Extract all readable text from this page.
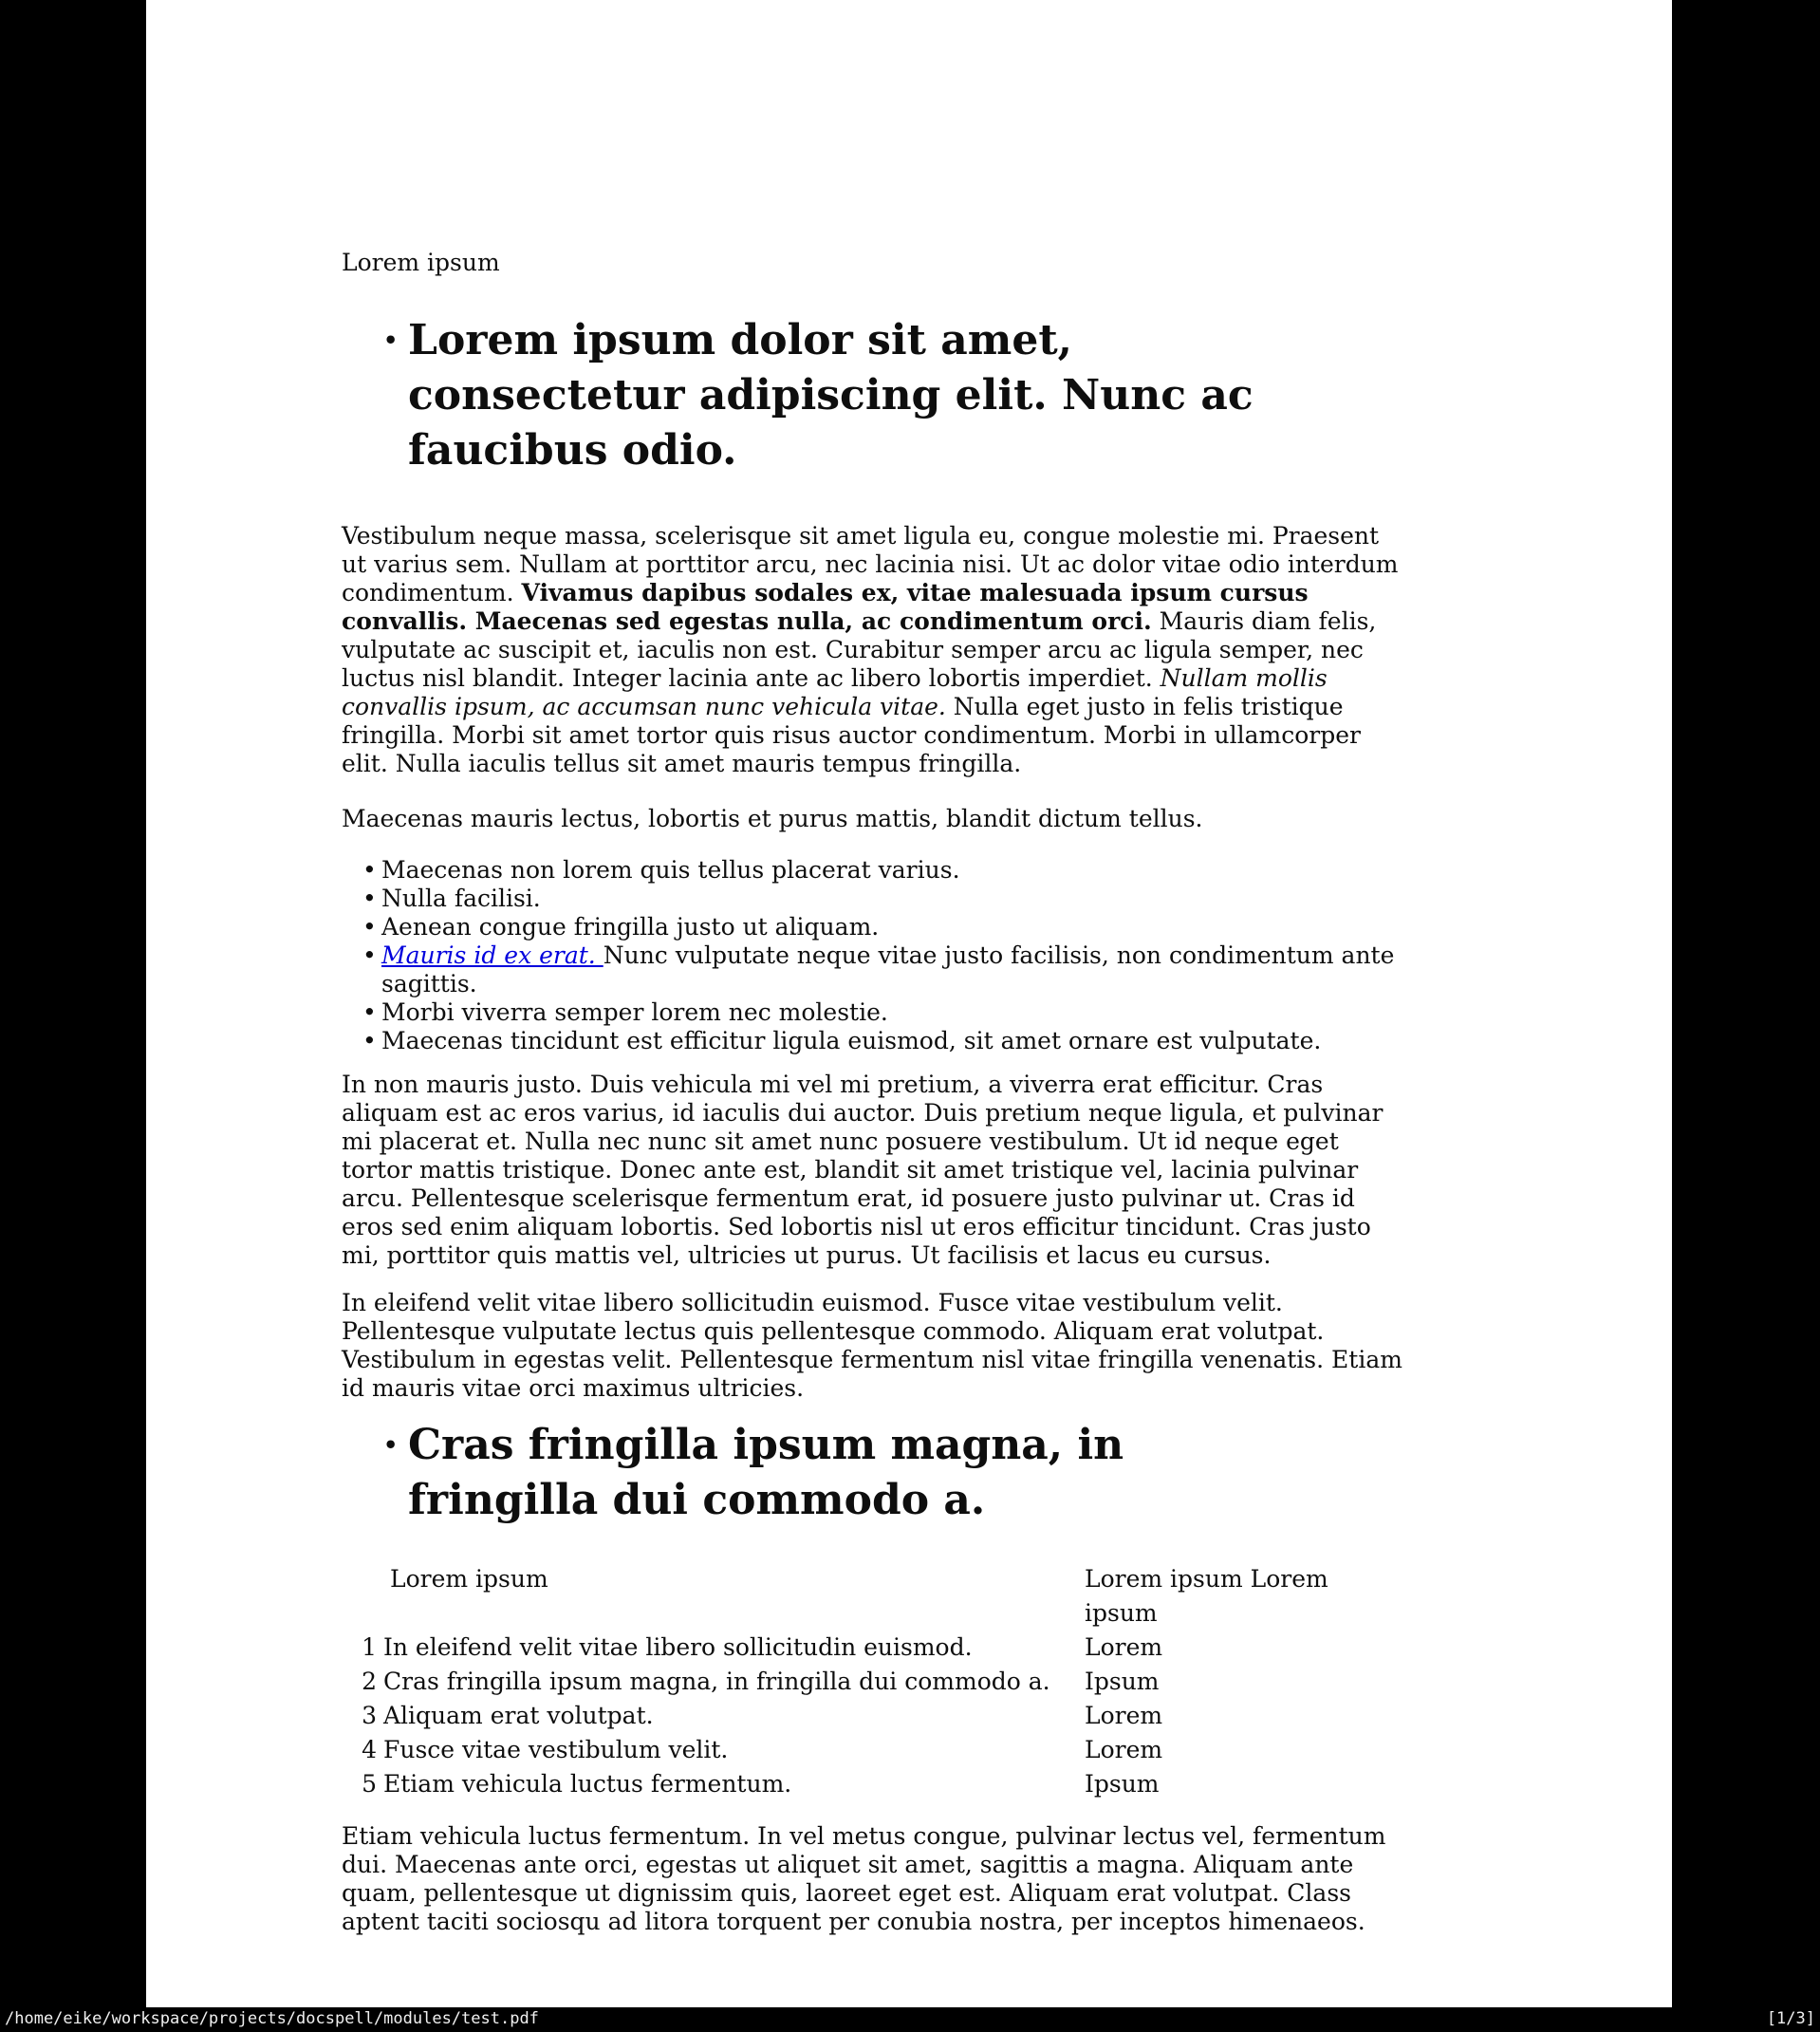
Lorem ipsum

• Lorem ipsum dolor sit amet, consectetur adipiscing elit. Nunc ac faucibus odio.

Vestibulum neque massa, scelerisque sit amet ligula eu, congue molestie mi. Praesent ut varius sem. Nullam at porttitor arcu, nec lacinia nisi. Ut ac dolor vitae odio interdum condimentum. Vivamus dapibus sodales ex, vitae malesuada ipsum cursus convallis. Maecenas sed egestas nulla, ac condimentum orci. Mauris diam felis, vulputate ac suscipit et, iaculis non est. Curabitur semper arcu ac ligula semper, nec luctus nisl blandit. Integer lacinia ante ac libero lobortis imperdiet. Nullam mollis convallis ipsum, ac accumsan nunc vehicula vitae. Nulla eget justo in felis tristique fringilla. Morbi sit amet tortor quis risus auctor condimentum. Morbi in ullamcorper elit. Nulla iaculis tellus sit amet mauris tempus fringilla.

Maecenas mauris lectus, lobortis et purus mattis, blandit dictum tellus.

• Maecenas non lorem quis tellus placerat varius.
• Nulla facilisi.
• Aenean congue fringilla justo ut aliquam.
• Mauris id ex erat. Nunc vulputate neque vitae justo facilisis, non condimentum ante sagittis.
• Morbi viverra semper lorem nec molestie.
• Maecenas tincidunt est efficitur ligula euismod, sit amet ornare est vulputate.

In non mauris justo. Duis vehicula mi vel mi pretium, a viverra erat efficitur. Cras aliquam est ac eros varius, id iaculis dui auctor. Duis pretium neque ligula, et pulvinar mi placerat et. Nulla nec nunc sit amet nunc posuere vestibulum. Ut id neque eget tortor mattis tristique. Donec ante est, blandit sit amet tristique vel, lacinia pulvinar arcu. Pellentesque scelerisque fermentum erat, id posuere justo pulvinar ut. Cras id eros sed enim aliquam lobortis. Sed lobortis nisl ut eros efficitur tincidunt. Cras justo mi, porttitor quis mattis vel, ultricies ut purus. Ut facilisis et lacus eu cursus.

In eleifend velit vitae libero sollicitudin euismod. Fusce vitae vestibulum velit. Pellentesque vulputate lectus quis pellentesque commodo. Aliquam erat volutpat. Vestibulum in egestas velit. Pellentesque fermentum nisl vitae fringilla venenatis. Etiam id mauris vitae orci maximus ultricies.

• Cras fringilla ipsum magna, in fringilla dui commodo a.
Lorem ipsum	Lorem ipsum Lorem ipsum
1 In eleifend velit vitae libero sollicitudin euismod.	Lorem
2 Cras fringilla ipsum magna, in fringilla dui commodo a.	Ipsum
3 Aliquam erat volutpat.	Lorem
4 Fusce vitae vestibulum velit.	Lorem
5 Etiam vehicula luctus fermentum.	Ipsum

Etiam vehicula luctus fermentum. In vel metus congue, pulvinar lectus vel, fermentum dui. Maecenas ante orci, egestas ut aliquet sit amet, sagittis a magna. Aliquam ante quam, pellentesque ut dignissim quis, laoreet eget est. Aliquam erat volutpat. Class aptent taciti sociosqu ad litora torquent per conubia nostra, per inceptos himenaeos.

/home/eike/workspace/projects/docspell/modules/test.pdf	[1/3]
